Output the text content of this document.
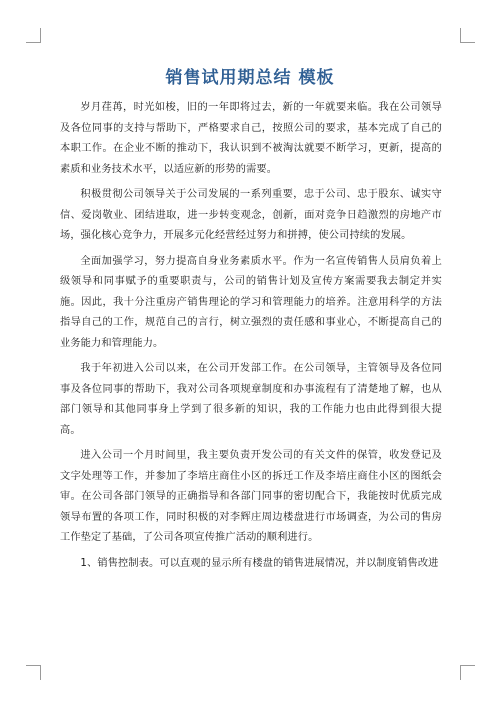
销售试用期总结 模板

岁月荏苒，时光如梭，旧的一年即将过去，新的一年就要来临。我在公司领导及各位同事的支持与帮助下，严格要求自己，按照公司的要求，基本完成了自己的本职工作。在企业不断的推动下，我认识到不被淘汰就要不断学习，更新，提高的素质和业务技术水平，以适应新的形势的需要。

积极贯彻公司领导关于公司发展的一系列重要，忠于公司、忠于股东、诚实守信、爱岗敬业、团结进取，进一步转变观念，创新，面对竞争日趋激烈的房地产市场，强化核心竞争力，开展多元化经营经过努力和拼搏，使公司持续的发展。

全面加强学习，努力提高自身业务素质水平。作为一名宣传销售人员肩负着上级领导和同事赋予的重要职责与，公司的销售计划及宣传方案需要我去制定并实施。因此，我十分注重房产销售理论的学习和管理能力的培养。注意用科学的方法指导自己的工作，规范自己的言行，树立强烈的责任感和事业心，不断提高自己的业务能力和管理能力。

我于年初进入公司以来，在公司开发部工作。在公司领导，主管领导及各位同事及各位同事的帮助下，我对公司各项规章制度和办事流程有了清楚地了解，也从部门领导和其他同事身上学到了很多新的知识，我的工作能力也由此得到很大提高。

进入公司一个月时间里，我主要负责开发公司的有关文件的保管，收发登记及文字处理等工作，并参加了李培庄商住小区的拆迁工作及李培庄商住小区的图纸会审。在公司各部门领导的正确指导和各部门同事的密切配合下，我能按时优质完成领导布置的各项工作，同时积极的对李辉庄周边楼盘进行市场调查，为公司的售房工作垫定了基础，了公司各项宣传推广活动的顺利进行。

1、销售控制表。可以直观的显示所有楼盘的销售进展情况，并以制度销售改进
